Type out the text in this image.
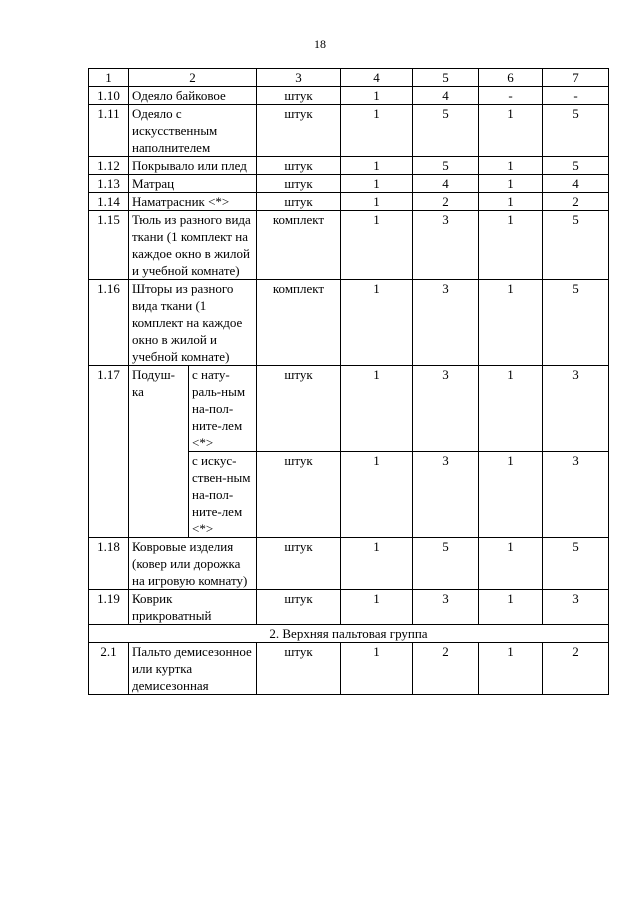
18
1	2		3	4	5	6	7
1.10	Одеяло байковое		штук	1	4	-	-
1.11	Одеяло с искусственным наполнителем		штук	1	5	1	5
1.12	Покрывало или плед		штук	1	5	1	5
1.13	Матрац		штук	1	4	1	4
1.14	Наматрасник <*>		штук	1	2	1	2
1.15	Тюль из разного вида ткани (1 комплект на каждое окно в жилой и учебной комнате)		комплект	1	3	1	5
1.16	Шторы из разного вида ткани (1 комплект на каждое окно в жилой и учебной комнате)		комплект	1	3	1	5
1.17	Подуш-ка	с нату-раль-ным на-пол-ните-лем <*>	штук	1	3	1	3
		с искус-ствен-ным на-пол-ните-лем <*>	штук	1	3	1	3
1.18	Ковровые изделия (ковер или дорожка на игровую комнату)		штук	1	5	1	5
1.19	Коврик прикроватный		штук	1	3	1	3
2. Верхняя пальтовая группа							
2.1	Пальто демисезонное или куртка демисезонная		штук	1	2	1	2
